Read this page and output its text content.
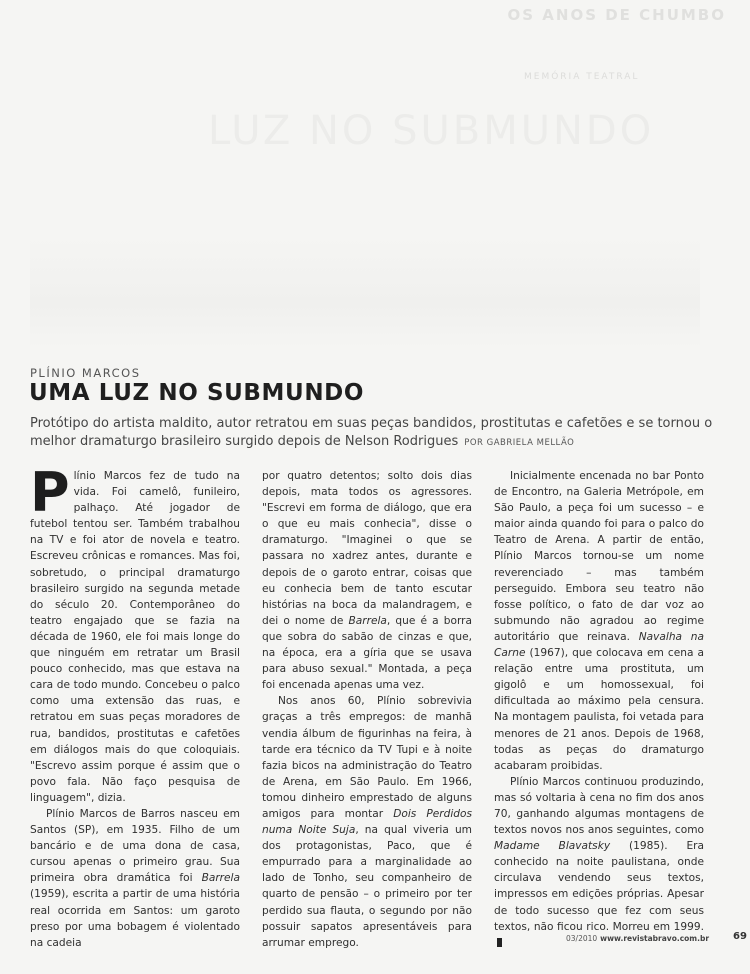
OS ANOS DE CHUMBO
MEMÓRIA TEATRAL
LUZ NO SUBMUNDO
PLÍNIO MARCOS
UMA LUZ NO SUBMUNDO

Protótipo do artista maldito, autor retratou em suas peças bandidos, prostitutas e cafetões e se tornou o melhor dramaturgo brasileiro surgido depois de Nelson Rodrigues POR GABRIELA MELLÃO

Plínio Marcos fez de tudo na vida. Foi camelô, funileiro, palhaço. Até jogador de futebol tentou ser. Também trabalhou na TV e foi ator de novela e teatro. Escreveu crônicas e romances. Mas foi, sobretudo, o principal dramaturgo brasileiro surgido na segunda metade do século 20. Contemporâneo do teatro engajado que se fazia na década de 1960, ele foi mais longe do que ninguém em retratar um Brasil pouco conhecido, mas que estava na cara de todo mundo. Concebeu o palco como uma extensão das ruas, e retratou em suas peças moradores de rua, bandidos, prostitutas e cafetões em diálogos mais do que coloquiais. "Escrevo assim porque é assim que o povo fala. Não faço pesquisa de linguagem", dizia.

Plínio Marcos de Barros nasceu em Santos (SP), em 1935. Filho de um bancário e de uma dona de casa, cursou apenas o primeiro grau. Sua primeira obra dramática foi Barrela (1959), escrita a partir de uma história real ocorrida em Santos: um garoto preso por uma bobagem é violentado na cadeia

por quatro detentos; solto dois dias depois, mata todos os agressores. "Escrevi em forma de diálogo, que era o que eu mais conhecia", disse o dramaturgo. "Imaginei o que se passara no xadrez antes, durante e depois de o garoto entrar, coisas que eu conhecia bem de tanto escutar histórias na boca da malandragem, e dei o nome de Barrela, que é a borra que sobra do sabão de cinzas e que, na época, era a gíria que se usava para abuso sexual." Montada, a peça foi encenada apenas uma vez.

Nos anos 60, Plínio sobrevivia graças a três empregos: de manhã vendia álbum de figurinhas na feira, à tarde era técnico da TV Tupi e à noite fazia bicos na administração do Teatro de Arena, em São Paulo. Em 1966, tomou dinheiro emprestado de alguns amigos para montar Dois Perdidos numa Noite Suja, na qual viveria um dos protagonistas, Paco, que é empurrado para a marginalidade ao lado de Tonho, seu companheiro de quarto de pensão – o primeiro por ter perdido sua flauta, o segundo por não possuir sapatos apresentáveis para arrumar emprego.

Inicialmente encenada no bar Ponto de Encontro, na Galeria Metrópole, em São Paulo, a peça foi um sucesso – e maior ainda quando foi para o palco do Teatro de Arena. A partir de então, Plínio Marcos tornou-se um nome reverenciado – mas também perseguido. Embora seu teatro não fosse político, o fato de dar voz ao submundo não agradou ao regime autoritário que reinava. Navalha na Carne (1967), que colocava em cena a relação entre uma prostituta, um gigolô e um homossexual, foi dificultada ao máximo pela censura. Na montagem paulista, foi vetada para menores de 21 anos. Depois de 1968, todas as peças do dramaturgo acabaram proibidas.

Plínio Marcos continuou produzindo, mas só voltaria à cena no fim dos anos 70, ganhando algumas montagens de textos novos nos anos seguintes, como Madame Blavatsky (1985). Era conhecido na noite paulistana, onde circulava vendendo seus textos, impressos em edições próprias. Apesar de todo sucesso que fez com seus textos, não ficou rico. Morreu em 1999.

03/2010 www.revistabravo.com.br 69
